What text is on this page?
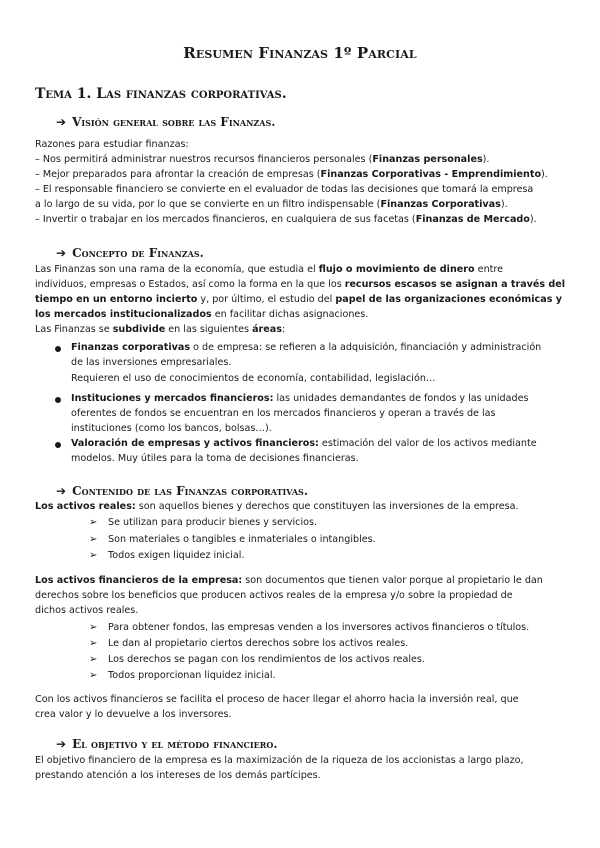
Resumen Finanzas 1º Parcial
Tema 1. Las finanzas corporativas.
➔ Visión general sobre las Finanzas.

Razones para estudiar finanzas:

– Nos permitirá administrar nuestros recursos financieros personales (Finanzas personales).

– Mejor preparados para afrontar la creación de empresas (Finanzas Corporativas - Emprendimiento).

– El responsable financiero se convierte en el evaluador de todas las decisiones que tomará la empresa

a lo largo de su vida, por lo que se convierte en un filtro indispensable (Finanzas Corporativas).

– Invertir o trabajar en los mercados financieros, en cualquiera de sus facetas (Finanzas de Mercado).

➔ Concepto de Finanzas.

Las Finanzas son una rama de la economía, que estudia el flujo o movimiento de dinero entre

individuos, empresas o Estados, así como la forma en la que los recursos escasos se asignan a través del

tiempo en un entorno incierto y, por último, el estudio del papel de las organizaciones económicas y

los mercados institucionalizados en facilitar dichas asignaciones.

Las Finanzas se subdivide en las siguientes áreas:

Finanzas corporativas o de empresa: se refieren a la adquisición, financiación y administración

de las inversiones empresariales.

Requieren el uso de conocimientos de economía, contabilidad, legislación…

Instituciones y mercados financieros: las unidades demandantes de fondos y las unidades

oferentes de fondos se encuentran en los mercados financieros y operan a través de las

instituciones (como los bancos, bolsas…).

Valoración de empresas y activos financieros: estimación del valor de los activos mediante

modelos. Muy útiles para la toma de decisiones financieras.

➔ Contenido de las Finanzas corporativas.

Los activos reales: son aquellos bienes y derechos que constituyen las inversiones de la empresa.

➢ Se utilizan para producir bienes y servicios.

➢ Son materiales o tangibles e inmateriales o intangibles.

➢ Todos exigen liquidez inicial.

Los activos financieros de la empresa: son documentos que tienen valor porque al propietario le dan

derechos sobre los beneficios que producen activos reales de la empresa y/o sobre la propiedad de

dichos activos reales.

➢ Para obtener fondos, las empresas venden a los inversores activos financieros o títulos.

➢ Le dan al propietario ciertos derechos sobre los activos reales.

➢ Los derechos se pagan con los rendimientos de los activos reales.

➢ Todos proporcionan liquidez inicial.

Con los activos financieros se facilita el proceso de hacer llegar el ahorro hacia la inversión real, que

crea valor y lo devuelve a los inversores.

➔ El objetivo y el método financiero.

El objetivo financiero de la empresa es la maximización de la riqueza de los accionistas a largo plazo,

prestando atención a los intereses de los demás partícipes.
